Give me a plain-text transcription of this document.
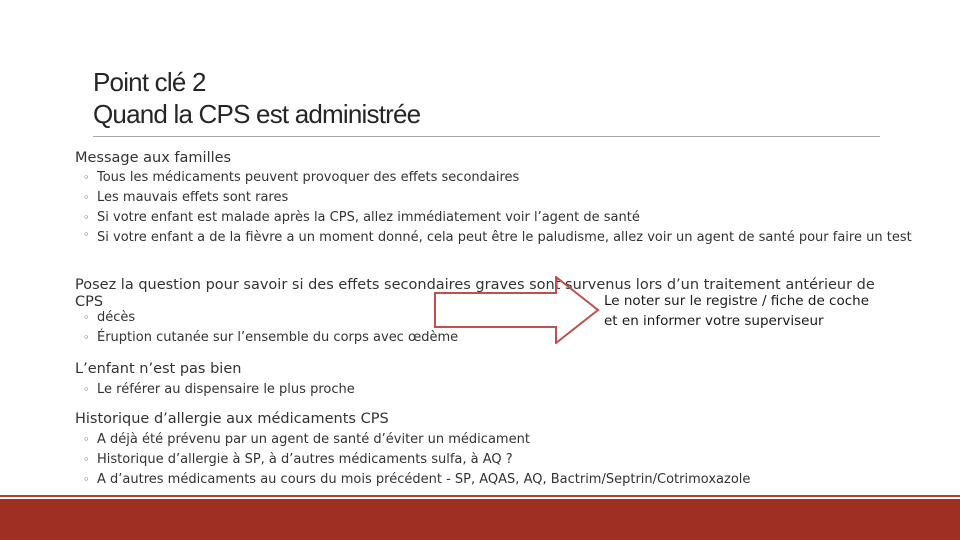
Point clé 2
Quand la CPS est administrée
Message aux familles
◦ Tous les médicaments peuvent provoquer des effets secondaires
◦ Les mauvais effets sont rares
◦ Si votre enfant est malade après la CPS, allez immédiatement voir l’agent de santé
◦ Si votre enfant a de la fièvre a un moment donné, cela peut être le paludisme, allez voir un agent de santé pour faire un test
Posez la question pour savoir si des effets secondaires graves sont survenus lors d’un traitement antérieur de
CPS
◦ décès
◦ Éruption cutanée sur l’ensemble du corps avec œdème
Le noter sur le registre / fiche de coche
et en informer votre superviseur
L’enfant n’est pas bien
◦ Le référer au dispensaire le plus proche
Historique d’allergie aux médicaments CPS
◦ A déjà été prévenu par un agent de santé d’éviter un médicament
◦ Historique d’allergie à SP, à d’autres médicaments sulfa, à AQ ?
◦ A d’autres médicaments au cours du mois précédent - SP, AQAS, AQ, Bactrim/Septrin/Cotrimoxazole
